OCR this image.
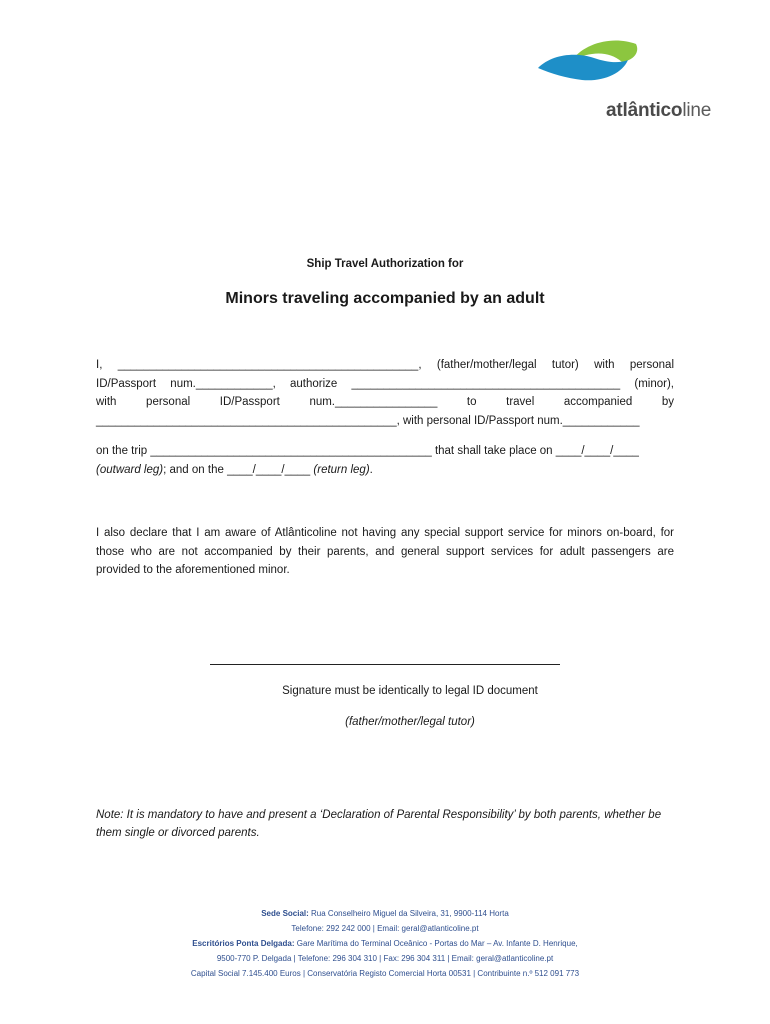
atlânticoline
Ship Travel Authorization for
Minors traveling accompanied by an adult
I, _______________________________________________, (father/mother/legal tutor) with personal
ID/Passport num.____________, authorize __________________________________________ (minor),
with personal ID/Passport num.________________ to travel accompanied by
_______________________________________________, with personal ID/Passport num.____________
on the trip ____________________________________________ that shall take place on ____/____/____
(outward leg); and on the ____/____/____ (return leg).
I also declare that I am aware of Atlânticoline not having any special support service for minors on-board, for
those who are not accompanied by their parents, and general support services for adult passengers are
provided to the aforementioned minor.
Signature must be identically to legal ID document
(father/mother/legal tutor)
Note: It is mandatory to have and present a ‘Declaration of Parental Responsibility’ by both parents, whether be them single or divorced parents.
Sede Social: Rua Conselheiro Miguel da Silveira, 31, 9900-114 Horta
Telefone: 292 242 000 | Email: geral@atlanticoline.pt
Escritórios Ponta Delgada: Gare Marítima do Terminal Oceânico - Portas do Mar – Av. Infante D. Henrique,
9500-770 P. Delgada | Telefone: 296 304 310 | Fax: 296 304 311 | Email: geral@atlanticoline.pt
Capital Social 7.145.400 Euros | Conservatória Registo Comercial Horta 00531 | Contribuinte n.º 512 091 773
